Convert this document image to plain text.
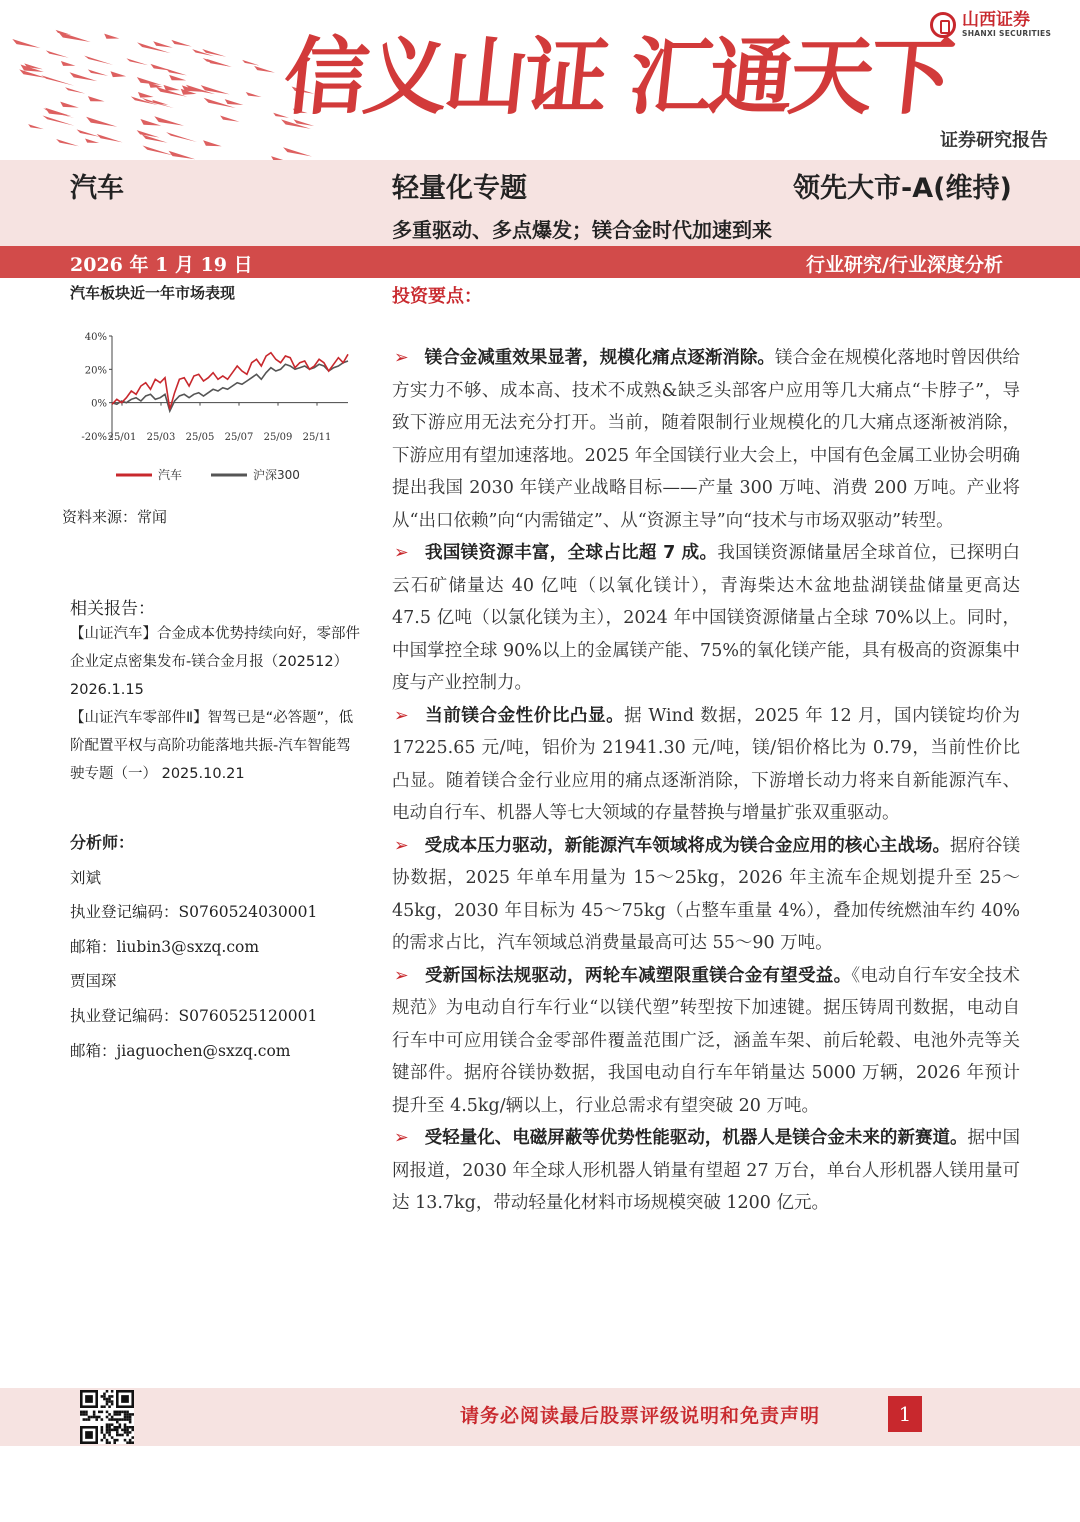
信义山证 汇通天下
山西证券
SHANXI SECURITIES
证券研究报告
汽车	轻量化专题	领先大市-A(维持)
多重驱动、多点爆发；镁合金时代加速到来
2026 年 1 月 19 日	行业研究/行业深度分析
汽车板块近一年市场表现
40%
20%
0%
-20% 25/01 25/03 25/05 25/07 25/09 25/11
汽车	沪深300
资料来源：常闻
相关报告：
【山证汽车】合金成本优势持续向好，零部件企业定点密集发布-镁合金月报（202512） 2026.1.15
【山证汽车零部件Ⅱ】智驾已是“必答题”，低阶配置平权与高阶功能落地共振-汽车智能驾驶专题（一） 2025.10.21
分析师：
刘斌
执业登记编码：S0760524030001
邮箱：liubin3@sxzq.com
贾国琛
执业登记编码：S0760525120001
邮箱：jiaguochen@sxzq.com
投资要点：

➢ 镁合金减重效果显著，规模化痛点逐渐消除。镁合金在规模化落地时曾因供给方实力不够、成本高、技术不成熟&缺乏头部客户应用等几大痛点“卡脖子”，导致下游应用无法充分打开。当前，随着限制行业规模化的几大痛点逐渐被消除，下游应用有望加速落地。2025 年全国镁行业大会上，中国有色金属工业协会明确提出我国 2030 年镁产业战略目标——产量 300 万吨、消费 200 万吨。产业将从“出口依赖”向“内需锚定”、从“资源主导”向“技术与市场双驱动”转型。

➢ 我国镁资源丰富，全球占比超 7 成。我国镁资源储量居全球首位，已探明白云石矿储量达 40 亿吨（以氧化镁计），青海柴达木盆地盐湖镁盐储量更高达 47.5 亿吨（以氯化镁为主），2024 年中国镁资源储量占全球 70%以上。同时，中国掌控全球 90%以上的金属镁产能、75%的氧化镁产能，具有极高的资源集中度与产业控制力。

➢ 当前镁合金性价比凸显。据 Wind 数据，2025 年 12 月，国内镁锭均价为 17225.65 元/吨，铝价为 21941.30 元/吨，镁/铝价格比为 0.79，当前性价比凸显。随着镁合金行业应用的痛点逐渐消除，下游增长动力将来自新能源汽车、电动自行车、机器人等七大领域的存量替换与增量扩张双重驱动。

➢ 受成本压力驱动，新能源汽车领域将成为镁合金应用的核心主战场。据府谷镁协数据，2025 年单车用量为 15～25kg，2026 年主流车企规划提升至 25～45kg，2030 年目标为 45～75kg（占整车重量 4%），叠加传统燃油车约 40%的需求占比，汽车领域总消费量最高可达 55～90 万吨。

➢ 受新国标法规驱动，两轮车减塑限重镁合金有望受益。《电动自行车安全技术规范》为电动自行车行业“以镁代塑”转型按下加速键。据压铸周刊数据，电动自行车中可应用镁合金零部件覆盖范围广泛，涵盖车架、前后轮毂、电池外壳等关键部件。据府谷镁协数据，我国电动自行车年销量达 5000 万辆，2026 年预计提升至 4.5kg/辆以上，行业总需求有望突破 20 万吨。

➢ 受轻量化、电磁屏蔽等优势性能驱动，机器人是镁合金未来的新赛道。据中国网报道，2030 年全球人形机器人销量有望超 27 万台，单台人形机器人镁用量可达 13.7kg，带动轻量化材料市场规模突破 1200 亿元。

请务必阅读最后股票评级说明和免责声明	1
